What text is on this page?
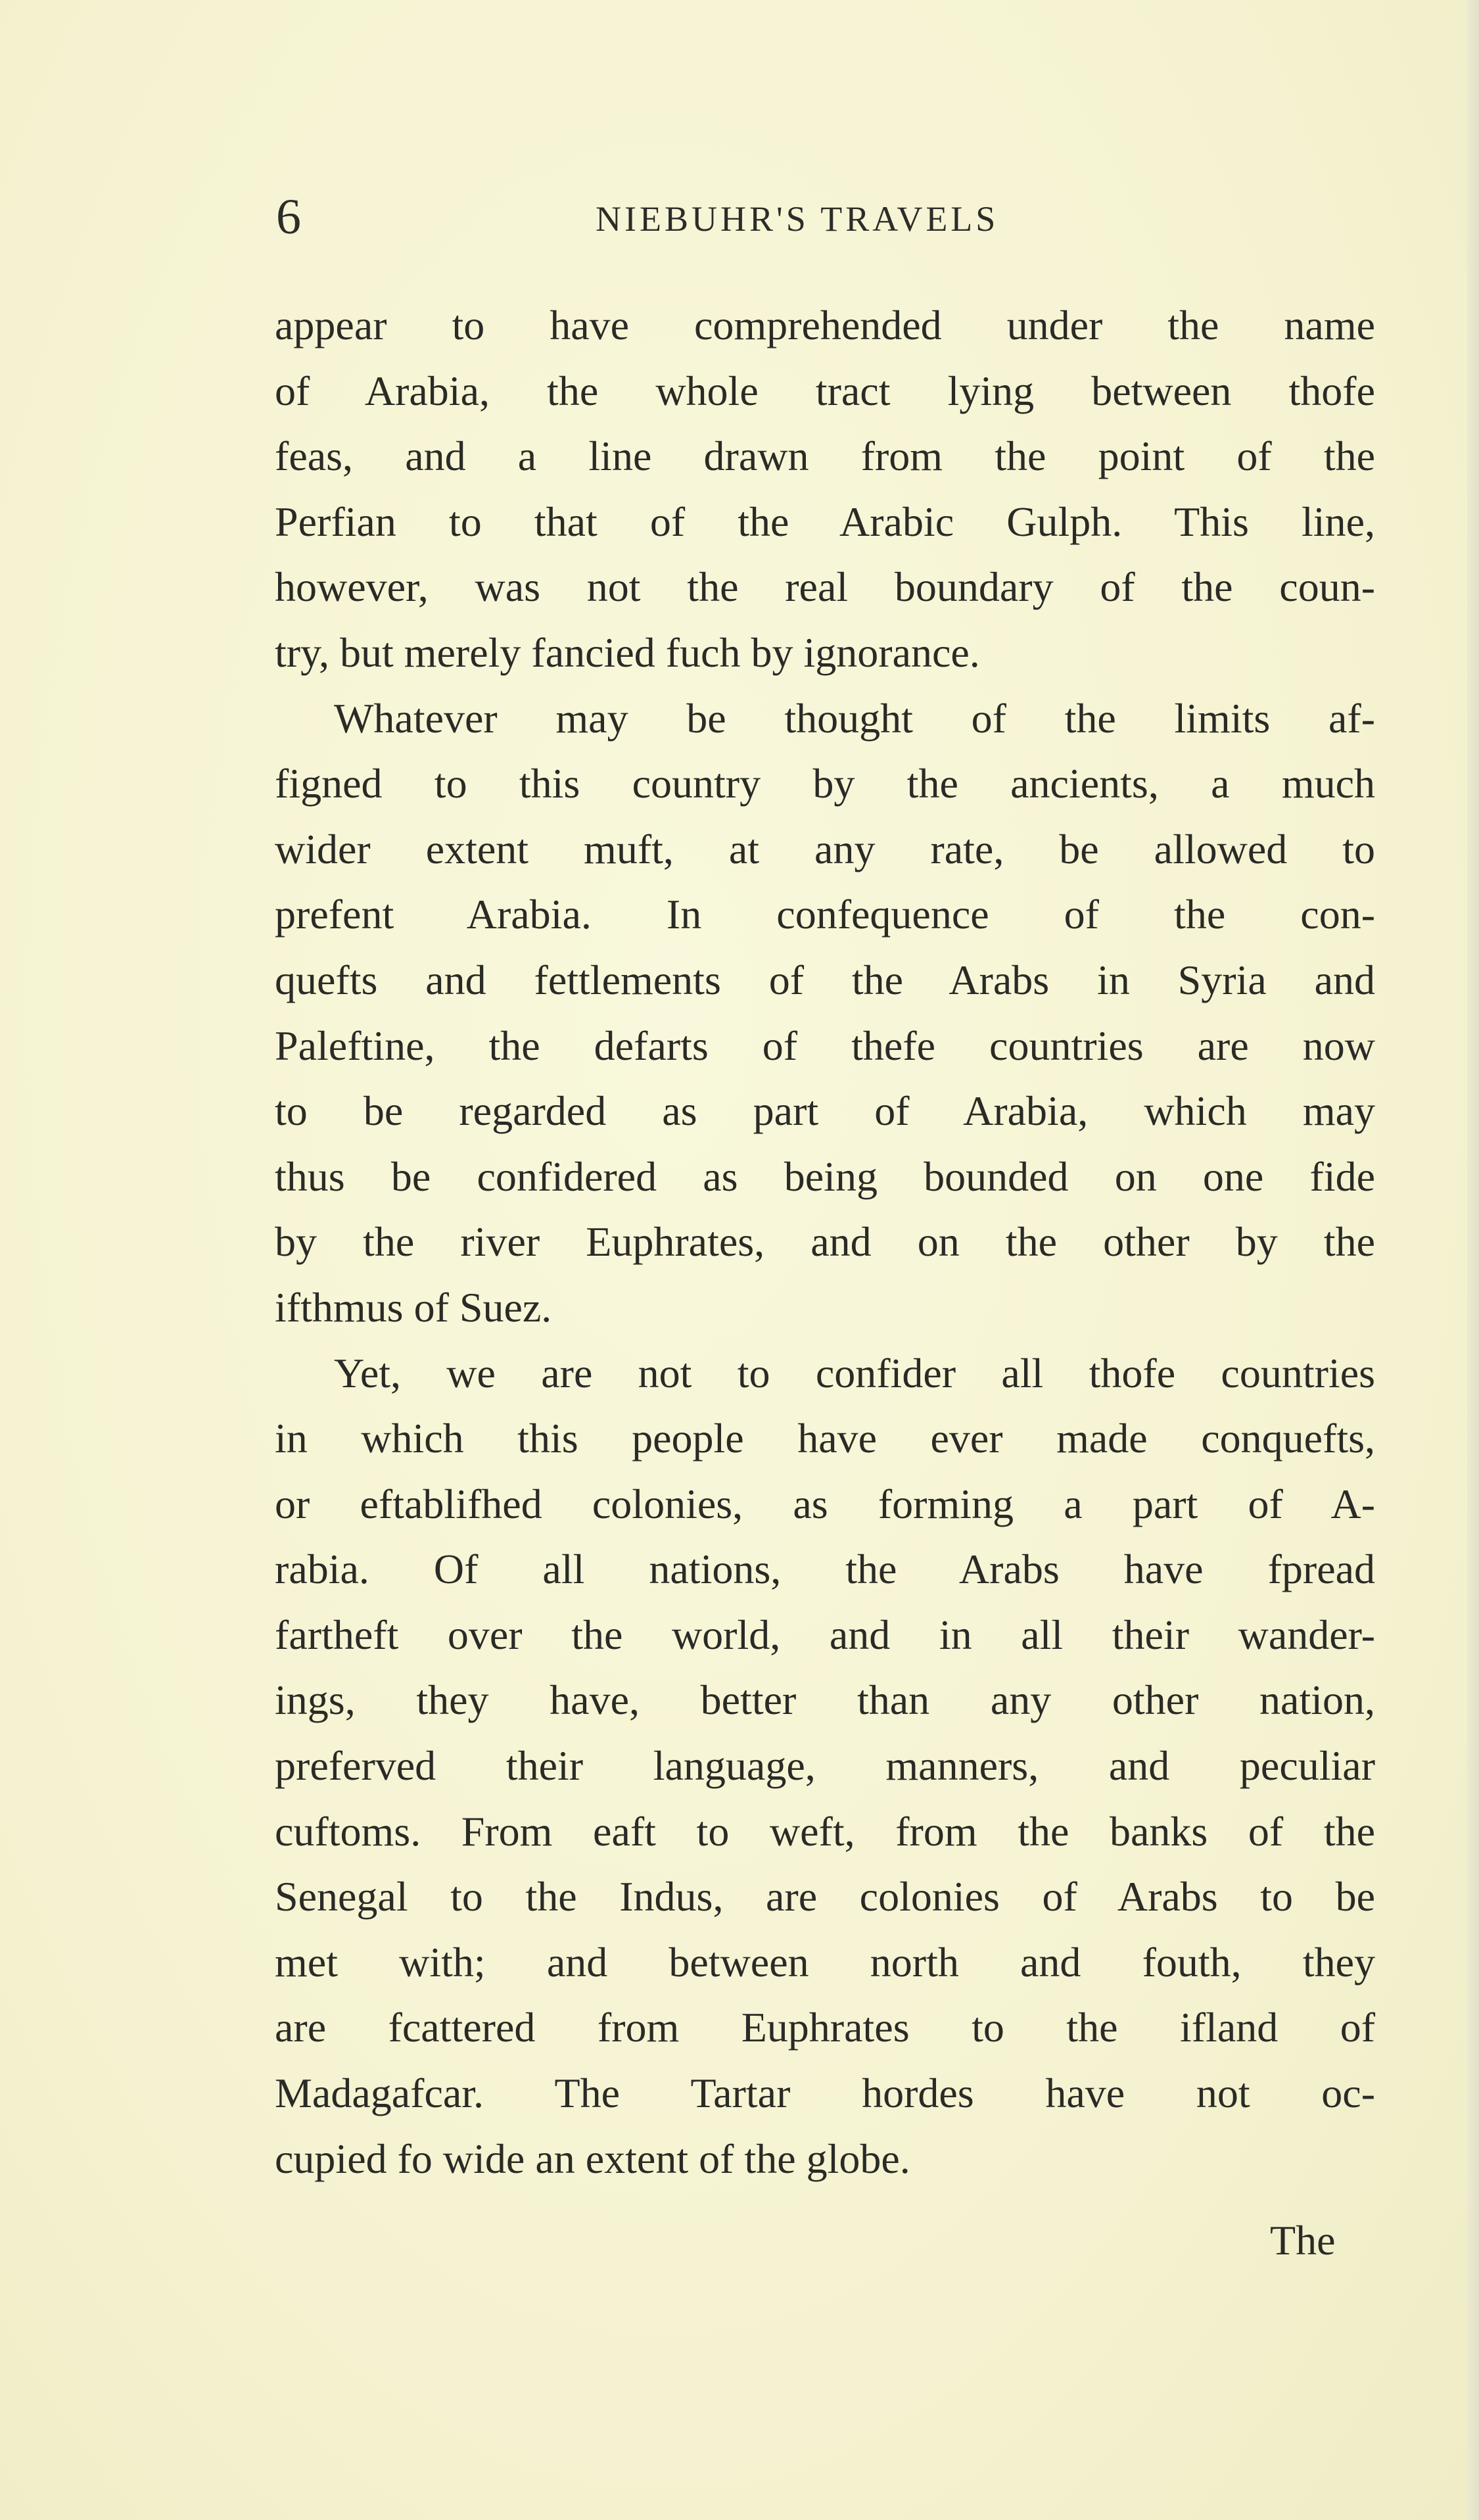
6	NIEBUHR'S TRAVELS
appear to have comprehended under the name
of Arabia, the whole tract lying between thofe
feas, and a line drawn from the point of the
Perfian to that of the Arabic Gulph. This line,
however, was not the real boundary of the coun-
try, but merely fancied fuch by ignorance.
Whatever may be thought of the limits af-
figned to this country by the ancients, a much
wider extent muft, at any rate, be allowed to
prefent Arabia. In confequence of the con-
quefts and fettlements of the Arabs in Syria and
Paleftine, the defarts of thefe countries are now
to be regarded as part of Arabia, which may
thus be confidered as being bounded on one fide
by the river Euphrates, and on the other by the
ifthmus of Suez.
Yet, we are not to confider all thofe countries
in which this people have ever made conquefts,
or eftablifhed colonies, as forming a part of A-
rabia. Of all nations, the Arabs have fpread
fartheft over the world, and in all their wander-
ings, they have, better than any other nation,
preferved their language, manners, and peculiar
cuftoms. From eaft to weft, from the banks of the
Senegal to the Indus, are colonies of Arabs to be
met with; and between north and fouth, they
are fcattered from Euphrates to the ifland of
Madagafcar. The Tartar hordes have not oc-
cupied fo wide an extent of the globe.
The
